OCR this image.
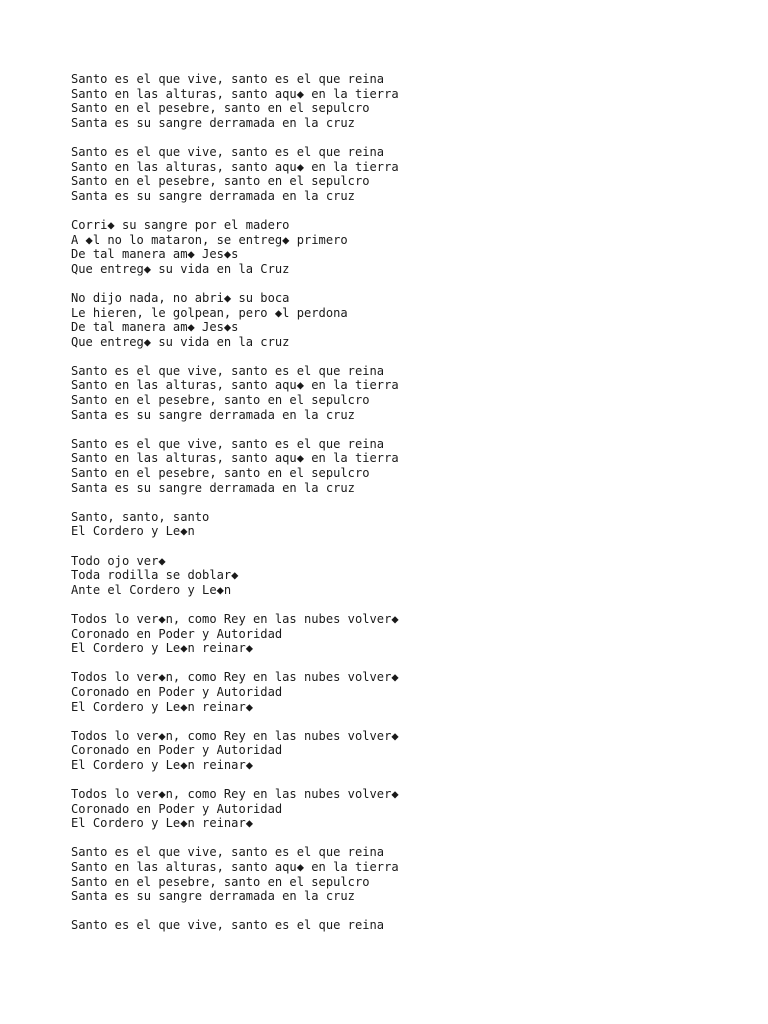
Santo es el que vive, santo es el que reina
Santo en las alturas, santo aqu◆ en la tierra
Santo en el pesebre, santo en el sepulcro
Santa es su sangre derramada en la cruz
Santo es el que vive, santo es el que reina
Santo en las alturas, santo aqu◆ en la tierra
Santo en el pesebre, santo en el sepulcro
Santa es su sangre derramada en la cruz
Corri◆ su sangre por el madero
A ◆l no lo mataron, se entreg◆ primero
De tal manera am◆ Jes◆s
Que entreg◆ su vida en la Cruz
No dijo nada, no abri◆ su boca
Le hieren, le golpean, pero ◆l perdona
De tal manera am◆ Jes◆s
Que entreg◆ su vida en la cruz
Santo es el que vive, santo es el que reina
Santo en las alturas, santo aqu◆ en la tierra
Santo en el pesebre, santo en el sepulcro
Santa es su sangre derramada en la cruz
Santo es el que vive, santo es el que reina
Santo en las alturas, santo aqu◆ en la tierra
Santo en el pesebre, santo en el sepulcro
Santa es su sangre derramada en la cruz
Santo, santo, santo
El Cordero y Le◆n
Todo ojo ver◆
Toda rodilla se doblar◆
Ante el Cordero y Le◆n
Todos lo ver◆n, como Rey en las nubes volver◆
Coronado en Poder y Autoridad
El Cordero y Le◆n reinar◆
Todos lo ver◆n, como Rey en las nubes volver◆
Coronado en Poder y Autoridad
El Cordero y Le◆n reinar◆
Todos lo ver◆n, como Rey en las nubes volver◆
Coronado en Poder y Autoridad
El Cordero y Le◆n reinar◆
Todos lo ver◆n, como Rey en las nubes volver◆
Coronado en Poder y Autoridad
El Cordero y Le◆n reinar◆
Santo es el que vive, santo es el que reina
Santo en las alturas, santo aqu◆ en la tierra
Santo en el pesebre, santo en el sepulcro
Santa es su sangre derramada en la cruz
Santo es el que vive, santo es el que reina
